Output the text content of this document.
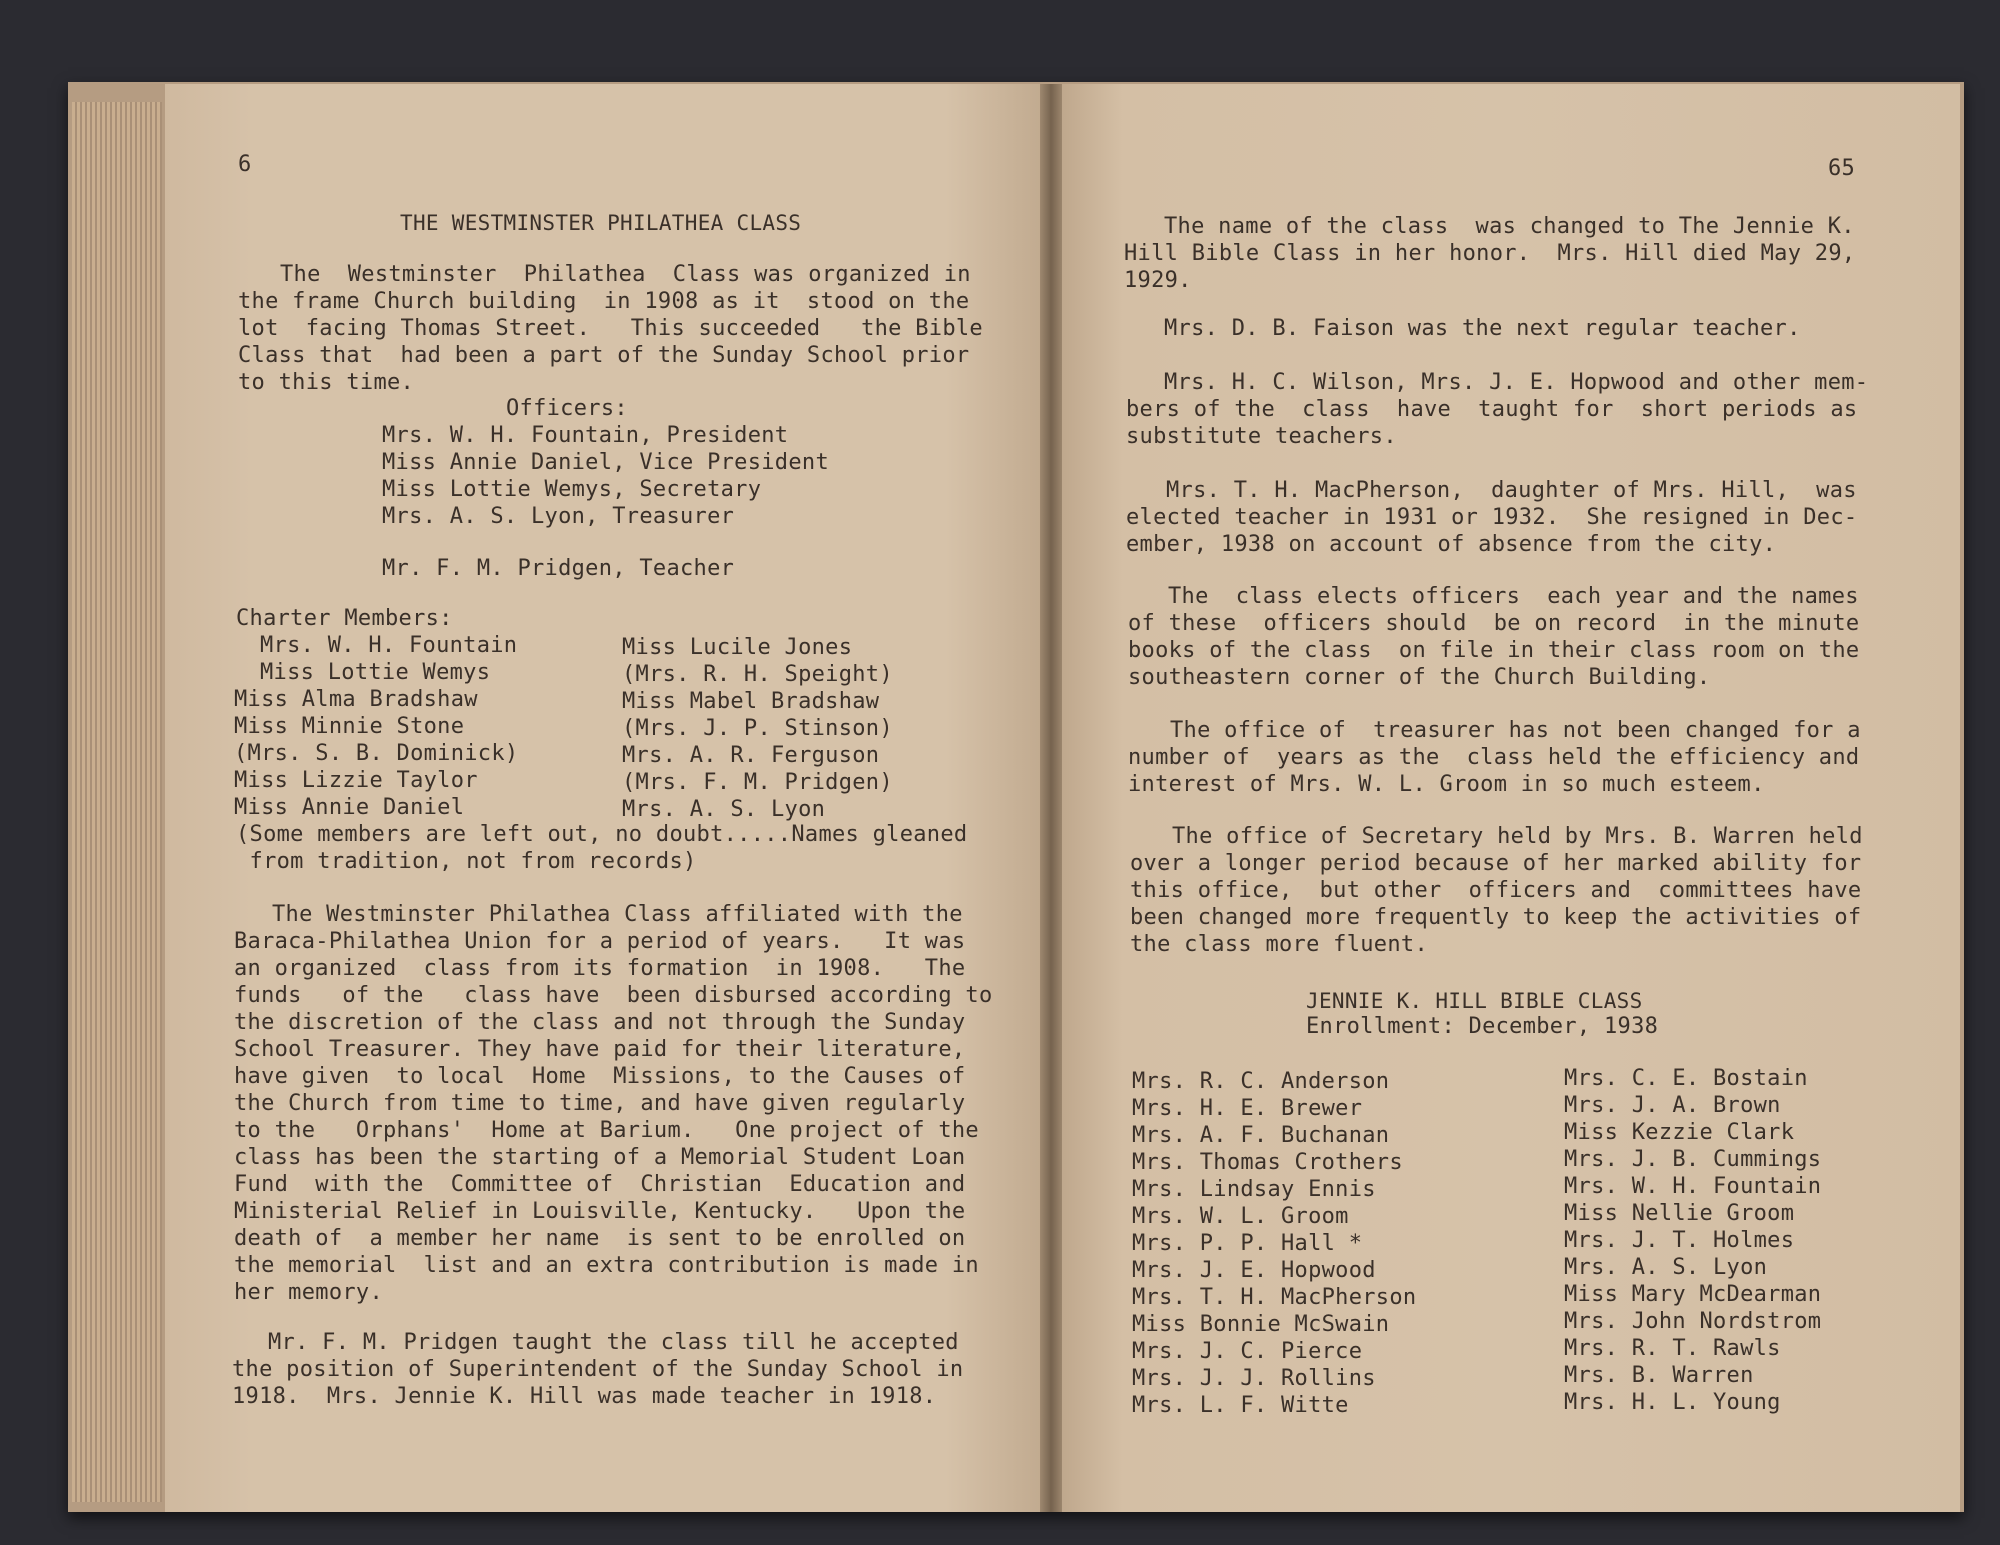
6
THE WESTMINSTER PHILATHEA CLASS
The  Westminster  Philathea  Class was organized in
the frame Church building  in 1908 as it  stood on the
lot  facing Thomas Street.   This succeeded   the Bible
Class that  had been a part of the Sunday School prior
to this time.
Officers:
Mrs. W. H. Fountain, President
Miss Annie Daniel, Vice President
Miss Lottie Wemys, Secretary
Mrs. A. S. Lyon, Treasurer
Mr. F. M. Pridgen, Teacher
Charter Members:
Mrs. W. H. Fountain
Miss Lottie Wemys
Miss Alma Bradshaw
Miss Minnie Stone
(Mrs. S. B. Dominick)
Miss Lizzie Taylor
Miss Annie Daniel
Miss Lucile Jones
(Mrs. R. H. Speight)
Miss Mabel Bradshaw
(Mrs. J. P. Stinson)
Mrs. A. R. Ferguson
(Mrs. F. M. Pridgen)
Mrs. A. S. Lyon
(Some members are left out, no doubt.....Names gleaned
from tradition, not from records)
The Westminster Philathea Class affiliated with the
Baraca-Philathea Union for a period of years.   It was
an organized  class from its formation  in 1908.   The
funds   of the   class have  been disbursed according to
the discretion of the class and not through the Sunday
School Treasurer. They have paid for their literature,
have given  to local  Home  Missions, to the Causes of
the Church from time to time, and have given regularly
to the   Orphans'  Home at Barium.   One project of the
class has been the starting of a Memorial Student Loan
Fund  with the  Committee of  Christian  Education and
Ministerial Relief in Louisville, Kentucky.   Upon the
death of  a member her name  is sent to be enrolled on
the memorial  list and an extra contribution is made in
her memory.
Mr. F. M. Pridgen taught the class till he accepted
the position of Superintendent of the Sunday School in
1918.  Mrs. Jennie K. Hill was made teacher in 1918.
65
The name of the class  was changed to The Jennie K.
Hill Bible Class in her honor.  Mrs. Hill died May 29,
1929.
Mrs. D. B. Faison was the next regular teacher.
Mrs. H. C. Wilson, Mrs. J. E. Hopwood and other mem-
bers of the  class  have  taught for  short periods as
substitute teachers.
Mrs. T. H. MacPherson,  daughter of Mrs. Hill,  was
elected teacher in 1931 or 1932.  She resigned in Dec-
ember, 1938 on account of absence from the city.
The  class elects officers  each year and the names
of these  officers should  be on record  in the minute
books of the class  on file in their class room on the
southeastern corner of the Church Building.
The office of  treasurer has not been changed for a
number of  years as the  class held the efficiency and
interest of Mrs. W. L. Groom in so much esteem.
The office of Secretary held by Mrs. B. Warren held
over a longer period because of her marked ability for
this office,  but other  officers and  committees have
been changed more frequently to keep the activities of
the class more fluent.
JENNIE K. HILL BIBLE CLASS
Enrollment: December, 1938
Mrs. R. C. Anderson
Mrs. H. E. Brewer
Mrs. A. F. Buchanan
Mrs. Thomas Crothers
Mrs. Lindsay Ennis
Mrs. W. L. Groom
Mrs. P. P. Hall *
Mrs. J. E. Hopwood
Mrs. T. H. MacPherson
Miss Bonnie McSwain
Mrs. J. C. Pierce
Mrs. J. J. Rollins
Mrs. L. F. Witte
Mrs. C. E. Bostain
Mrs. J. A. Brown
Miss Kezzie Clark
Mrs. J. B. Cummings
Mrs. W. H. Fountain
Miss Nellie Groom
Mrs. J. T. Holmes
Mrs. A. S. Lyon
Miss Mary McDearman
Mrs. John Nordstrom
Mrs. R. T. Rawls
Mrs. B. Warren
Mrs. H. L. Young
